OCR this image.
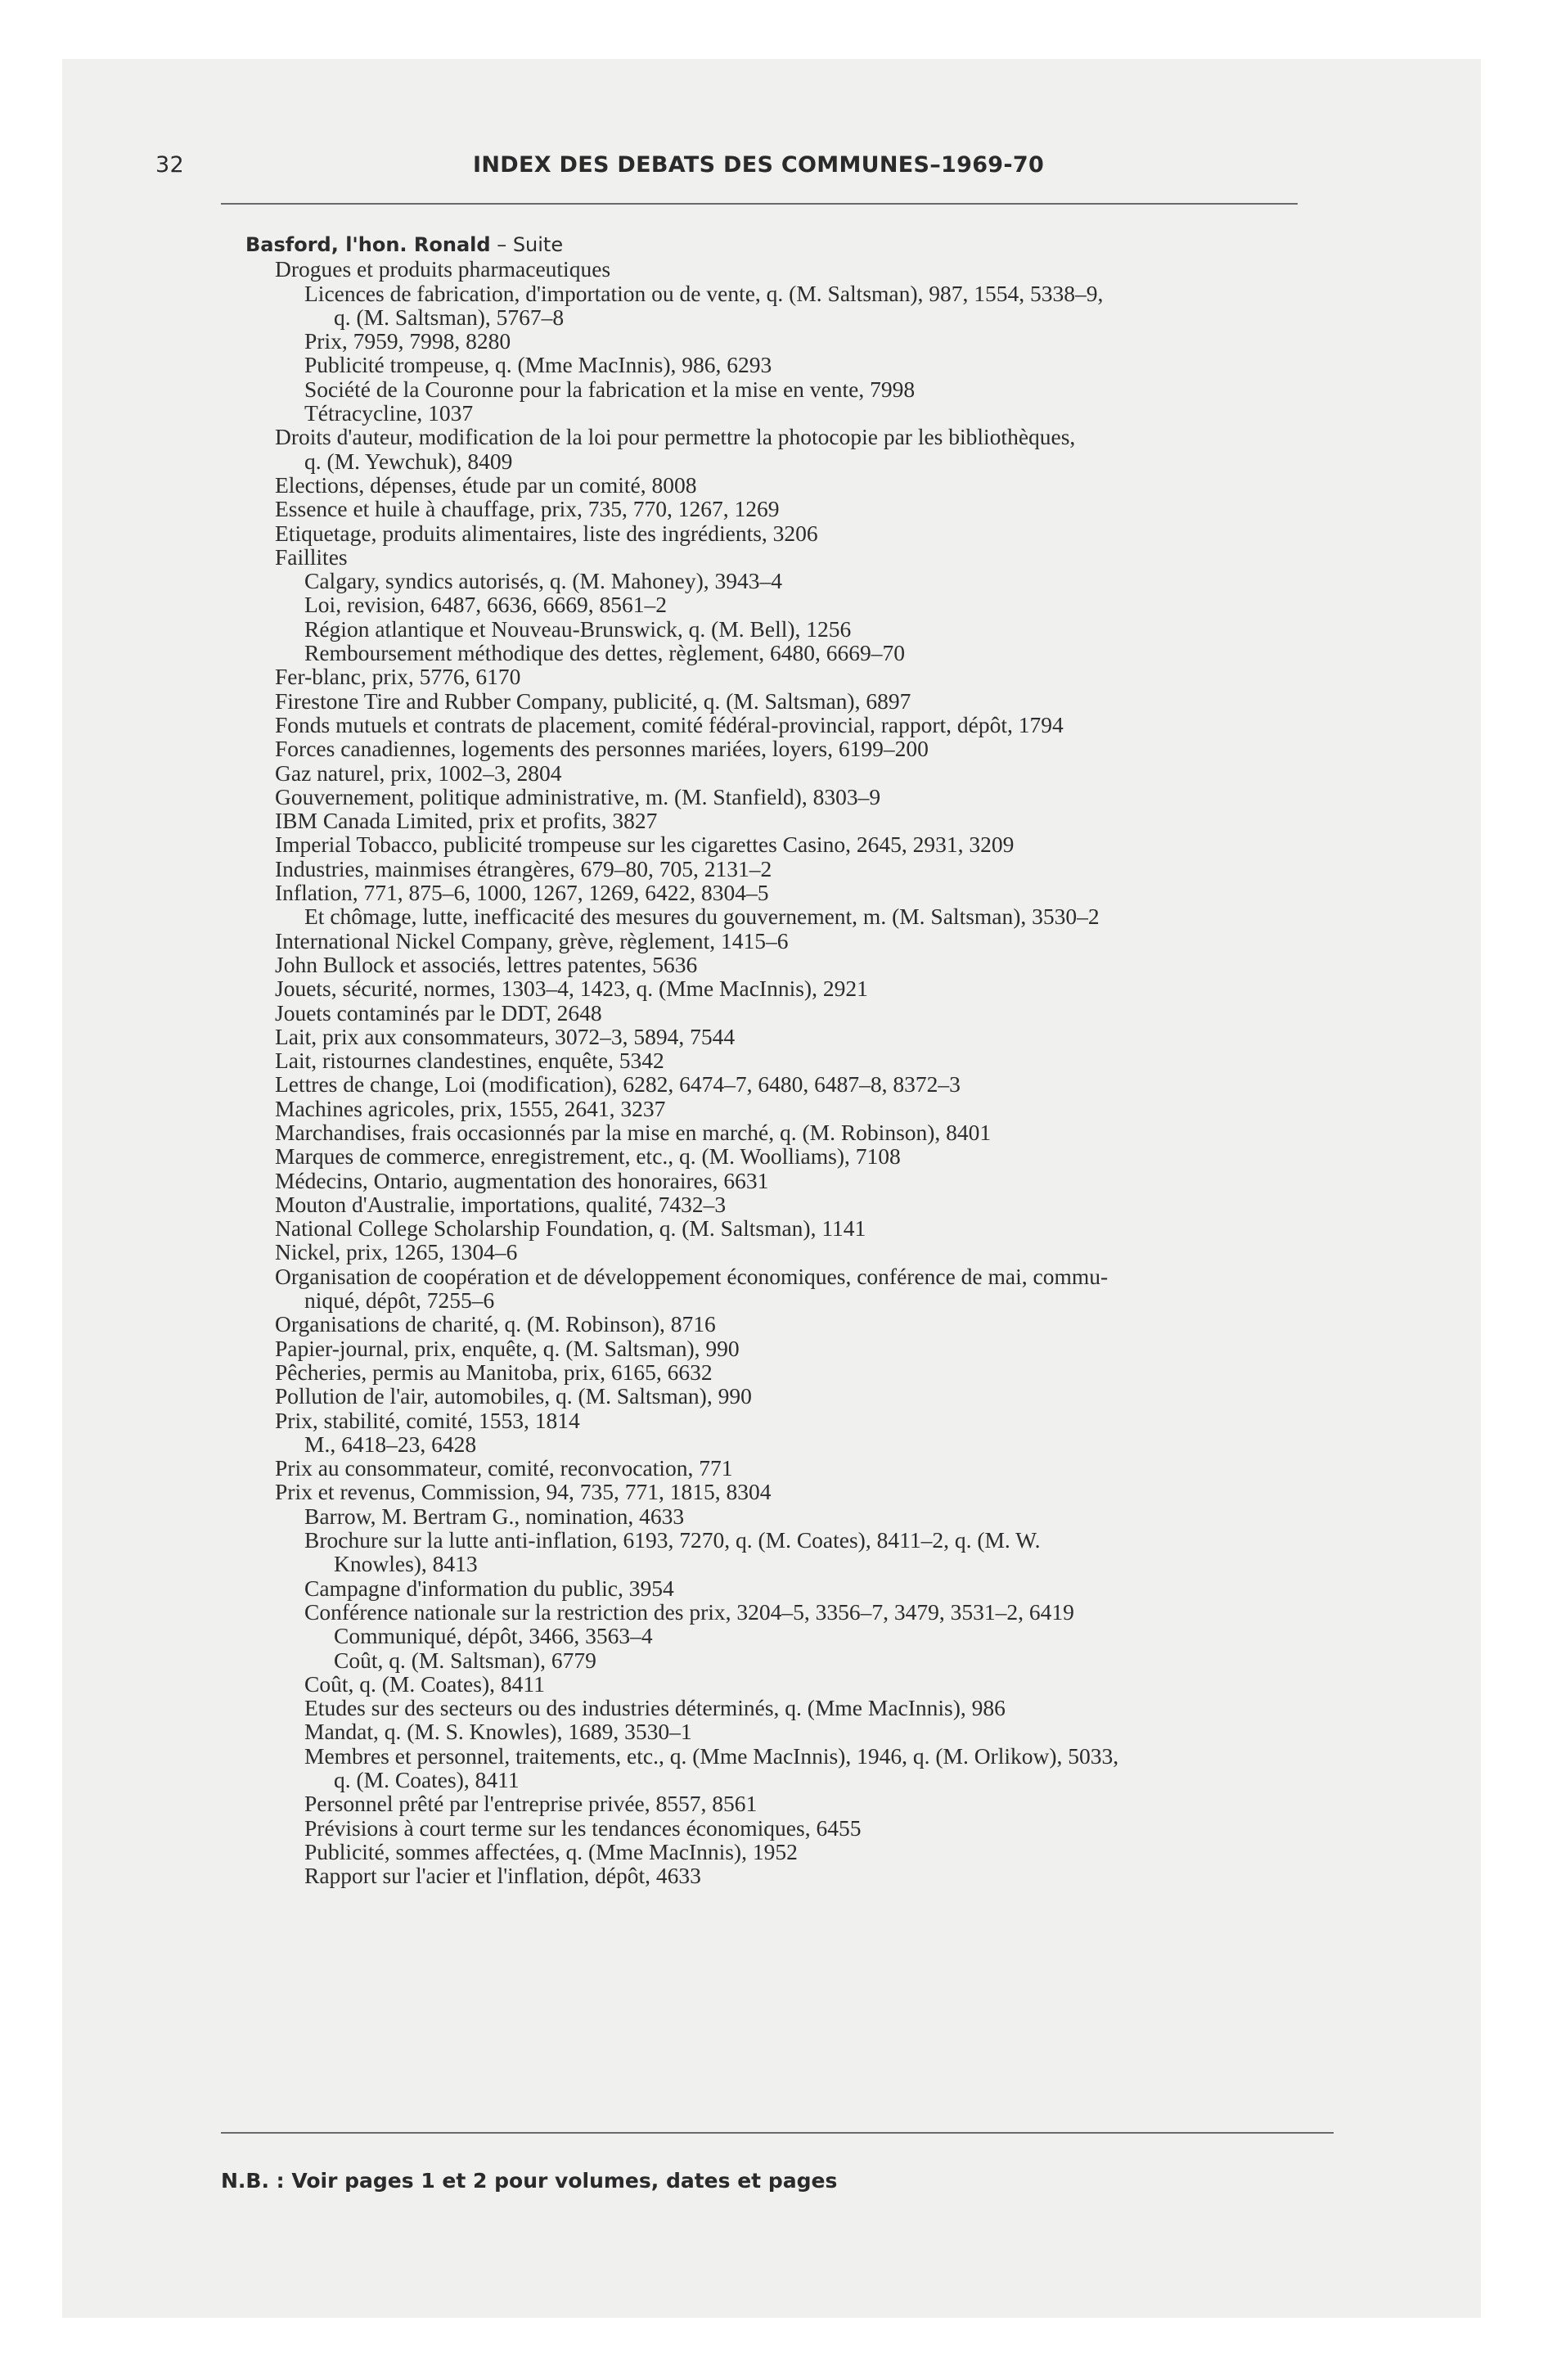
32	INDEX DES DEBATS DES COMMUNES–1969-70
Basford, l'hon. Ronald – Suite
Drogues et produits pharmaceutiques
Licences de fabrication, d'importation ou de vente, q. (M. Saltsman), 987, 1554, 5338–9,
q. (M. Saltsman), 5767–8
Prix, 7959, 7998, 8280
Publicité trompeuse, q. (Mme MacInnis), 986, 6293
Société de la Couronne pour la fabrication et la mise en vente, 7998
Tétracycline, 1037
Droits d'auteur, modification de la loi pour permettre la photocopie par les bibliothèques,
q. (M. Yewchuk), 8409
Elections, dépenses, étude par un comité, 8008
Essence et huile à chauffage, prix, 735, 770, 1267, 1269
Etiquetage, produits alimentaires, liste des ingrédients, 3206
Faillites
Calgary, syndics autorisés, q. (M. Mahoney), 3943–4
Loi, revision, 6487, 6636, 6669, 8561–2
Région atlantique et Nouveau-Brunswick, q. (M. Bell), 1256
Remboursement méthodique des dettes, règlement, 6480, 6669–70
Fer-blanc, prix, 5776, 6170
Firestone Tire and Rubber Company, publicité, q. (M. Saltsman), 6897
Fonds mutuels et contrats de placement, comité fédéral-provincial, rapport, dépôt, 1794
Forces canadiennes, logements des personnes mariées, loyers, 6199–200
Gaz naturel, prix, 1002–3, 2804
Gouvernement, politique administrative, m. (M. Stanfield), 8303–9
IBM Canada Limited, prix et profits, 3827
Imperial Tobacco, publicité trompeuse sur les cigarettes Casino, 2645, 2931, 3209
Industries, mainmises étrangères, 679–80, 705, 2131–2
Inflation, 771, 875–6, 1000, 1267, 1269, 6422, 8304–5
Et chômage, lutte, inefficacité des mesures du gouvernement, m. (M. Saltsman), 3530–2
International Nickel Company, grève, règlement, 1415–6
John Bullock et associés, lettres patentes, 5636
Jouets, sécurité, normes, 1303–4, 1423, q. (Mme MacInnis), 2921
Jouets contaminés par le DDT, 2648
Lait, prix aux consommateurs, 3072–3, 5894, 7544
Lait, ristournes clandestines, enquête, 5342
Lettres de change, Loi (modification), 6282, 6474–7, 6480, 6487–8, 8372–3
Machines agricoles, prix, 1555, 2641, 3237
Marchandises, frais occasionnés par la mise en marché, q. (M. Robinson), 8401
Marques de commerce, enregistrement, etc., q. (M. Woolliams), 7108
Médecins, Ontario, augmentation des honoraires, 6631
Mouton d'Australie, importations, qualité, 7432–3
National College Scholarship Foundation, q. (M. Saltsman), 1141
Nickel, prix, 1265, 1304–6
Organisation de coopération et de développement économiques, conférence de mai, commu-
niqué, dépôt, 7255–6
Organisations de charité, q. (M. Robinson), 8716
Papier-journal, prix, enquête, q. (M. Saltsman), 990
Pêcheries, permis au Manitoba, prix, 6165, 6632
Pollution de l'air, automobiles, q. (M. Saltsman), 990
Prix, stabilité, comité, 1553, 1814
M., 6418–23, 6428
Prix au consommateur, comité, reconvocation, 771
Prix et revenus, Commission, 94, 735, 771, 1815, 8304
Barrow, M. Bertram G., nomination, 4633
Brochure sur la lutte anti-inflation, 6193, 7270, q. (M. Coates), 8411–2, q. (M. W.
Knowles), 8413
Campagne d'information du public, 3954
Conférence nationale sur la restriction des prix, 3204–5, 3356–7, 3479, 3531–2, 6419
Communiqué, dépôt, 3466, 3563–4
Coût, q. (M. Saltsman), 6779
Coût, q. (M. Coates), 8411
Etudes sur des secteurs ou des industries déterminés, q. (Mme MacInnis), 986
Mandat, q. (M. S. Knowles), 1689, 3530–1
Membres et personnel, traitements, etc., q. (Mme MacInnis), 1946, q. (M. Orlikow), 5033,
q. (M. Coates), 8411
Personnel prêté par l'entreprise privée, 8557, 8561
Prévisions à court terme sur les tendances économiques, 6455
Publicité, sommes affectées, q. (Mme MacInnis), 1952
Rapport sur l'acier et l'inflation, dépôt, 4633
N.B. : Voir pages 1 et 2 pour volumes, dates et pages
